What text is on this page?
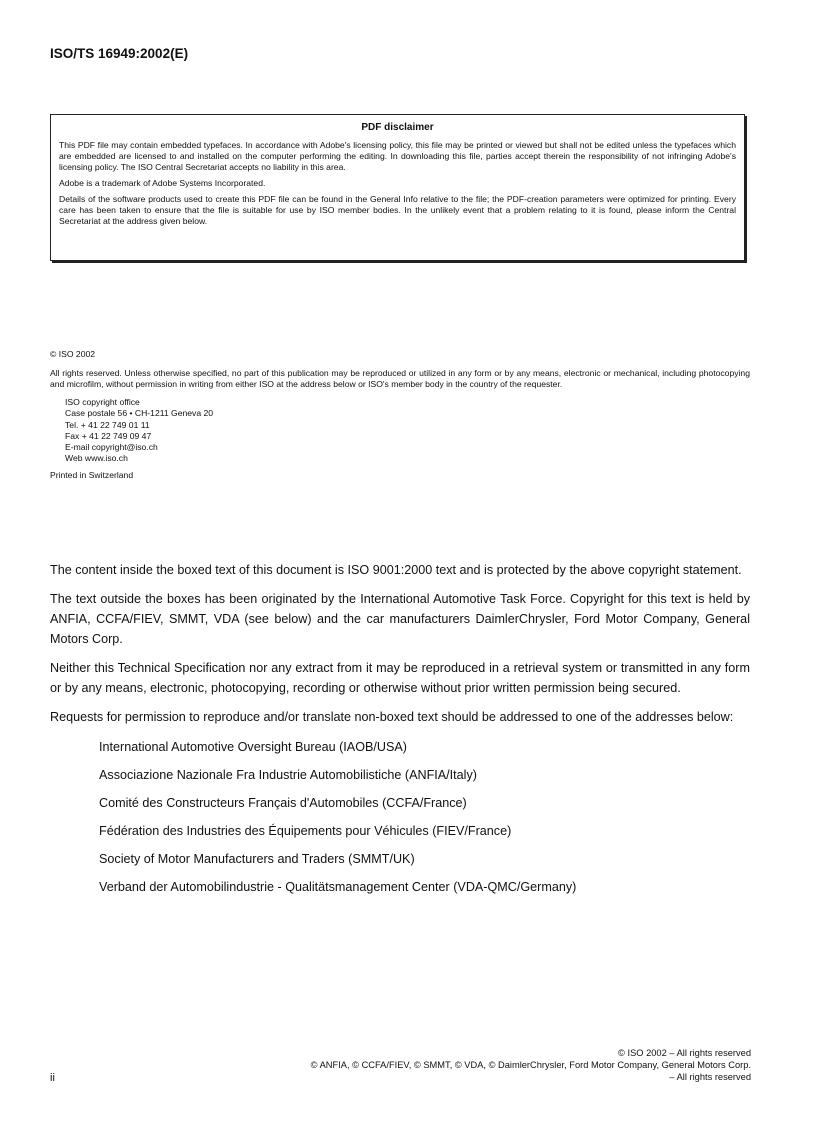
ISO/TS 16949:2002(E)
PDF disclaimer

This PDF file may contain embedded typefaces. In accordance with Adobe's licensing policy, this file may be printed or viewed but shall not be edited unless the typefaces which are embedded are licensed to and installed on the computer performing the editing. In downloading this file, parties accept therein the responsibility of not infringing Adobe's licensing policy. The ISO Central Secretariat accepts no liability in this area.

Adobe is a trademark of Adobe Systems Incorporated.

Details of the software products used to create this PDF file can be found in the General Info relative to the file; the PDF-creation parameters were optimized for printing. Every care has been taken to ensure that the file is suitable for use by ISO member bodies. In the unlikely event that a problem relating to it is found, please inform the Central Secretariat at the address given below.

© ISO 2002

All rights reserved. Unless otherwise specified, no part of this publication may be reproduced or utilized in any form or by any means, electronic or mechanical, including photocopying and microfilm, without permission in writing from either ISO at the address below or ISO's member body in the country of the requester.

ISO copyright office
Case postale 56 • CH-1211 Geneva 20
Tel. + 41 22 749 01 11
Fax + 41 22 749 09 47
E-mail copyright@iso.ch
Web www.iso.ch

Printed in Switzerland

The content inside the boxed text of this document is ISO 9001:2000 text and is protected by the above copyright statement.

The text outside the boxes has been originated by the International Automotive Task Force. Copyright for this text is held by ANFIA, CCFA/FIEV, SMMT, VDA (see below) and the car manufacturers DaimlerChrysler, Ford Motor Company, General Motors Corp.

Neither this Technical Specification nor any extract from it may be reproduced in a retrieval system or transmitted in any form or by any means, electronic, photocopying, recording or otherwise without prior written permission being secured.

Requests for permission to reproduce and/or translate non-boxed text should be addressed to one of the addresses below:

International Automotive Oversight Bureau (IAOB/USA)
Associazione Nazionale Fra Industrie Automobilistiche (ANFIA/Italy)
Comité des Constructeurs Français d'Automobiles (CCFA/France)
Fédération des Industries des Équipements pour Véhicules (FIEV/France)
Society of Motor Manufacturers and Traders (SMMT/UK)
Verband der Automobilindustrie - Qualitätsmanagement Center (VDA-QMC/Germany)
© ISO 2002 – All rights reserved
© ANFIA, © CCFA/FIEV, © SMMT, © VDA, © DaimlerChrysler, Ford Motor Company, General Motors Corp.
– All rights reserved
ii
